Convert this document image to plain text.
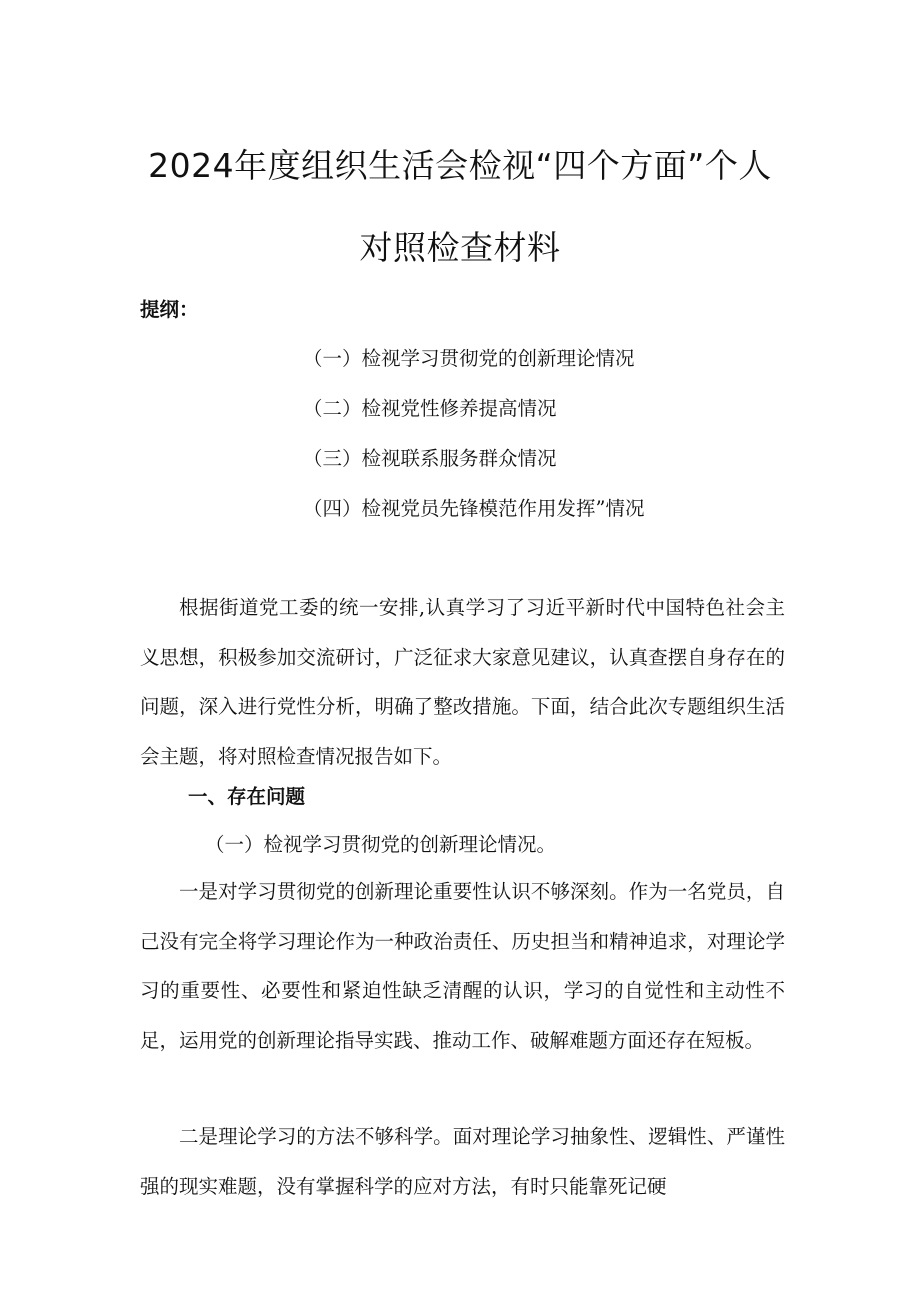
2024年度组织生活会检视“四个方面”个人
对照检查材料
提纲：
（一）检视学习贯彻党的创新理论情况
（二）检视党性修养提高情况
（三）检视联系服务群众情况
（四）检视党员先锋模范作用发挥”情况

根据街道党工委的统一安排,认真学习了习近平新时代中国特色社会主义思想，积极参加交流研讨，广泛征求大家意见建议，认真查摆自身存在的问题，深入进行党性分析，明确了整改措施。下面，结合此次专题组织生活会主题，将对照检查情况报告如下。

一、存在问题
（一）检视学习贯彻党的创新理论情况。

一是对学习贯彻党的创新理论重要性认识不够深刻。作为一名党员，自己没有完全将学习理论作为一种政治责任、历史担当和精神追求，对理论学习的重要性、必要性和紧迫性缺乏清醒的认识，学习的自觉性和主动性不足，运用党的创新理论指导实践、推动工作、破解难题方面还存在短板。

二是理论学习的方法不够科学。面对理论学习抽象性、逻辑性、严谨性强的现实难题，没有掌握科学的应对方法，有时只能靠死记硬
